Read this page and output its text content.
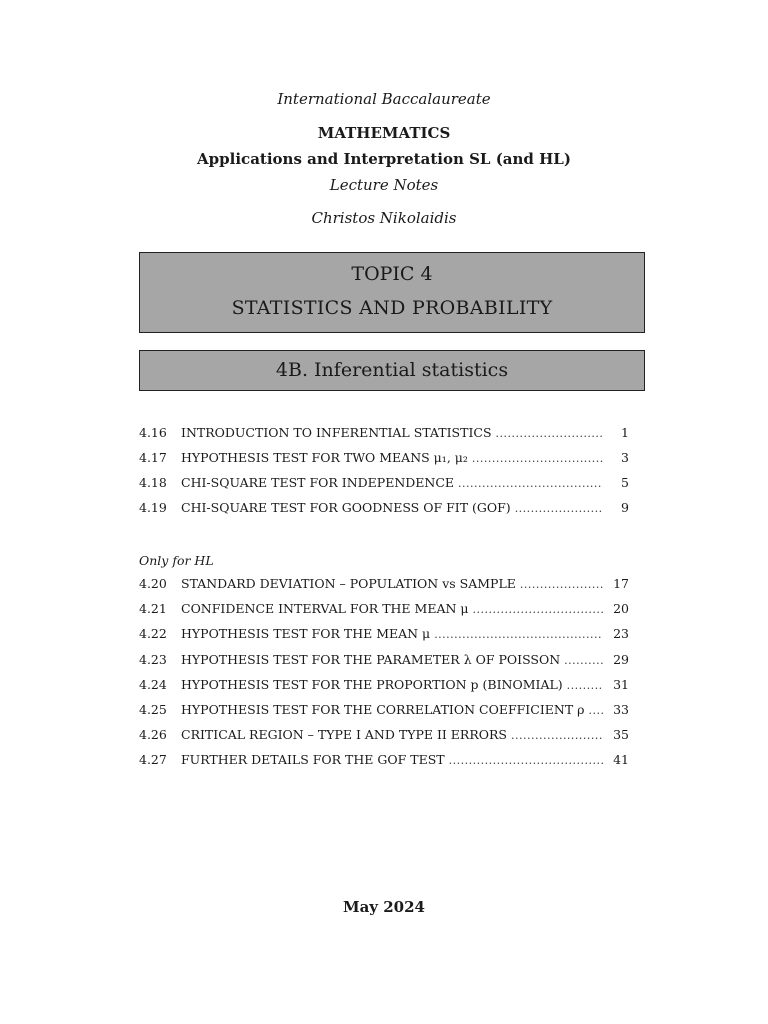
International Baccalaureate
MATHEMATICS
Applications and Interpretation SL (and HL)
Lecture Notes
Christos Nikolaidis
TOPIC 4
STATISTICS AND PROBABILITY
4B. Inferential statistics
4.16	INTRODUCTION TO INFERENTIAL STATISTICS .....	1
4.17	HYPOTHESIS TEST FOR TWO MEANS μ₁, μ₂ .....	3
4.18	CHI-SQUARE TEST FOR INDEPENDENCE .....	5
4.19	CHI-SQUARE TEST FOR GOODNESS OF FIT (GOF) .....	9
Only for HL
4.20	STANDARD DEVIATION – POPULATION vs SAMPLE .....	17
4.21	CONFIDENCE INTERVAL FOR THE MEAN μ .....	20
4.22	HYPOTHESIS TEST FOR THE MEAN μ .....	23
4.23	HYPOTHESIS TEST FOR THE PARAMETER λ OF POISSON .....	29
4.24	HYPOTHESIS TEST FOR THE PROPORTION p (BINOMIAL) .....	31
4.25	HYPOTHESIS TEST FOR THE CORRELATION COEFFICIENT ρ .....	33
4.26	CRITICAL REGION – TYPE I AND TYPE II ERRORS .....	35
4.27	FURTHER DETAILS FOR THE GOF TEST .....	41
May 2024
